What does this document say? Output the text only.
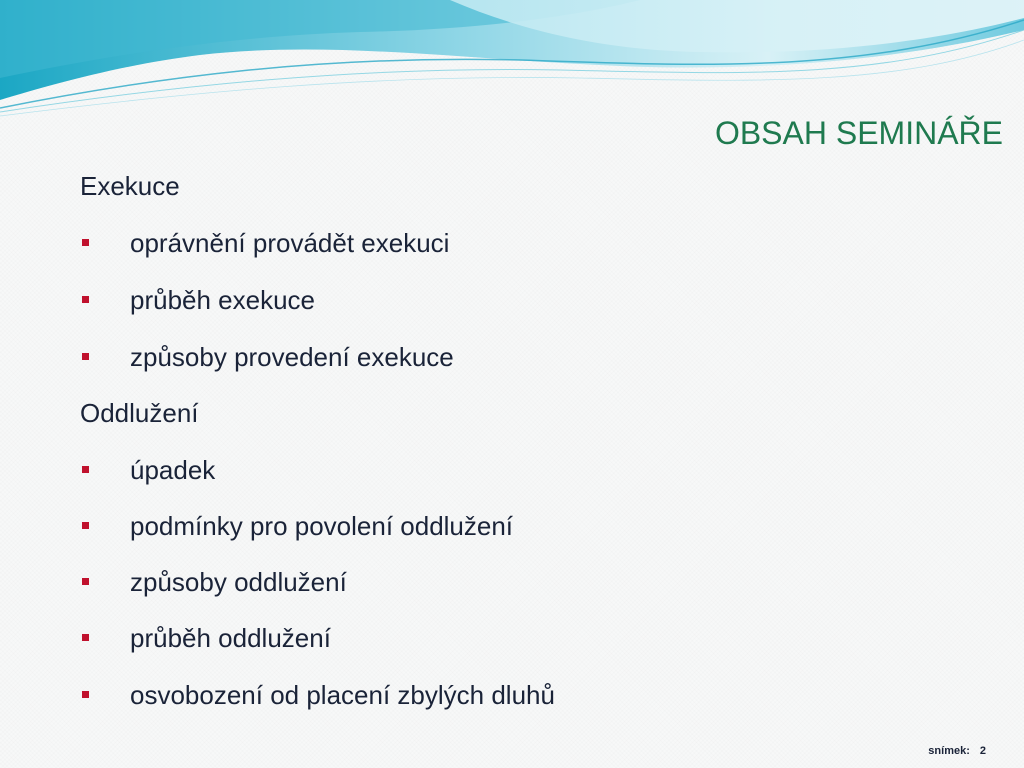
OBSAH SEMINÁŘE
Exekuce
oprávnění provádět exekuci
průběh exekuce
způsoby provedení exekuce
Oddlužení
úpadek
podmínky pro povolení oddlužení
způsoby oddlužení
průběh oddlužení
osvobození od placení zbylých dluhů
snímek: 2
